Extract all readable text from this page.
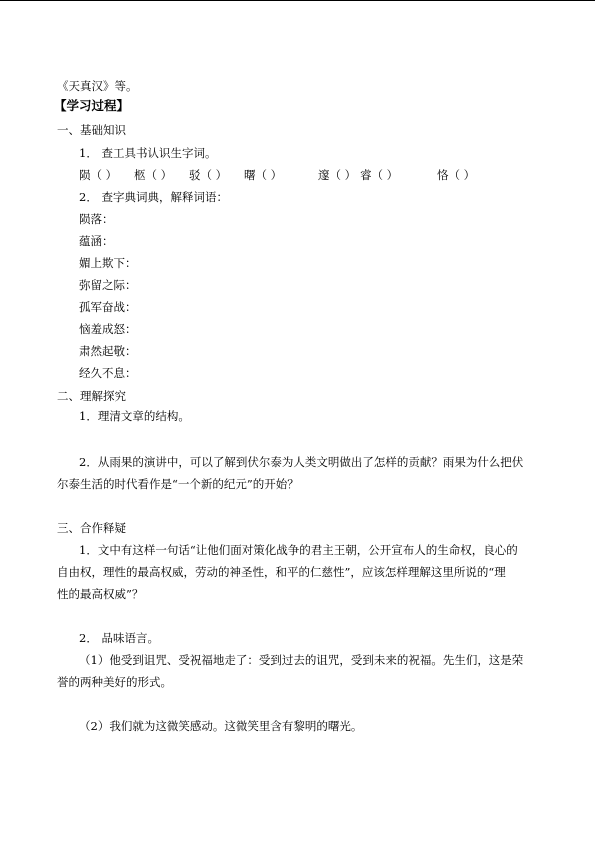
《天真汉》等。
【学习过程】
一、基础知识
1． 查工具书认识生字词。
陨（ ） 柩（ ） 驳（ ） 曙（ ）	邃（ ） 睿（ ）	恪（ ）
2． 查字典词典，解释词语：
陨落：
蕴涵：
媚上欺下：
弥留之际：
孤军奋战：
恼羞成怒：
肃然起敬：
经久不息：
二、理解探究
1．理清文章的结构。
2．从雨果的演讲中，可以了解到伏尔泰为人类文明做出了怎样的贡献？雨果为什么把伏
尔泰生活的时代看作是“一个新的纪元”的开始？
三、合作释疑
1．文中有这样一句话“让他们面对策化战争的君主王朝，公开宣布人的生命权，良心的
自由权，理性的最高权威，劳动的神圣性，和平的仁慈性”，应该怎样理解这里所说的“理
性的最高权威”？
2． 品味语言。
（1）他受到诅咒、受祝福地走了：受到过去的诅咒，受到未来的祝福。先生们，这是荣
誉的两种美好的形式。
（2）我们就为这微笑感动。这微笑里含有黎明的曙光。
